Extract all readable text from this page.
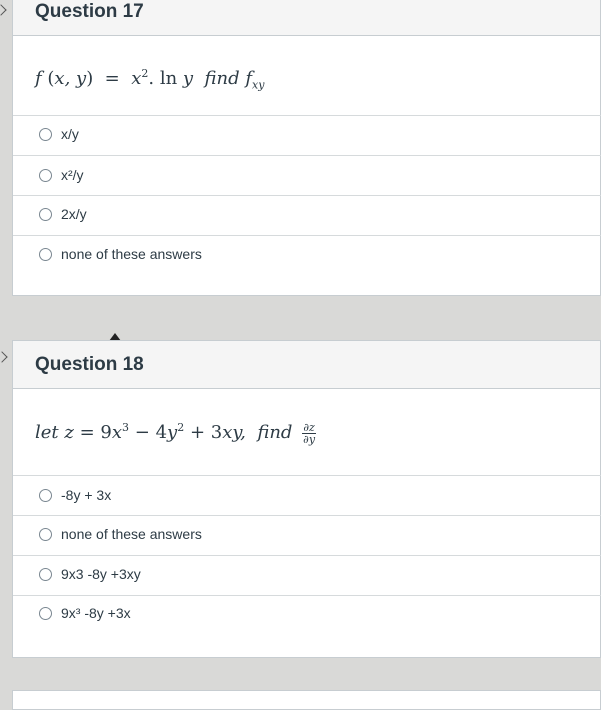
Question 17
f (x, $y) = x^2$. ln y  find $f_{xy}$
x/y
x²/y
2x/y
none of these answers
Question 18
let $z = 9x^3 - 4y^2 + 3xy$,  find $\frac{\partial z}{\partial y}$
-8y + 3x
none of these answers
9x3 -8y +3xy
9x³ -8y +3x
